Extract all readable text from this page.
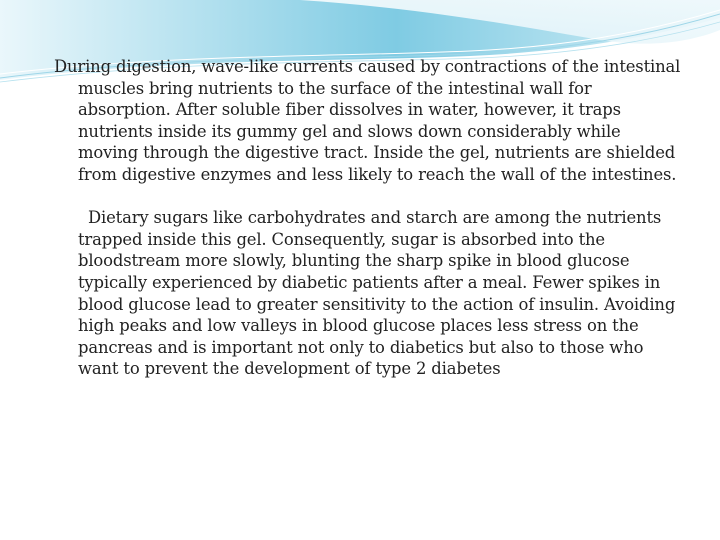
During digestion, wave-like currents caused by contractions of the intestinal muscles bring nutrients to the surface of the intestinal wall for absorption. After soluble fiber dissolves in water, however, it traps nutrients inside its gummy gel and slows down considerably while moving through the digestive tract. Inside the gel, nutrients are shielded from digestive enzymes and less likely to reach the wall of the intestines.

Dietary sugars like carbohydrates and starch are among the nutrients trapped inside this gel. Consequently, sugar is absorbed into the bloodstream more slowly, blunting the sharp spike in blood glucose typically experienced by diabetic patients after a meal. Fewer spikes in blood glucose lead to greater sensitivity to the action of insulin. Avoiding high peaks and low valleys in blood glucose places less stress on the pancreas and is important not only to diabetics but also to those who want to prevent the development of type 2 diabetes
